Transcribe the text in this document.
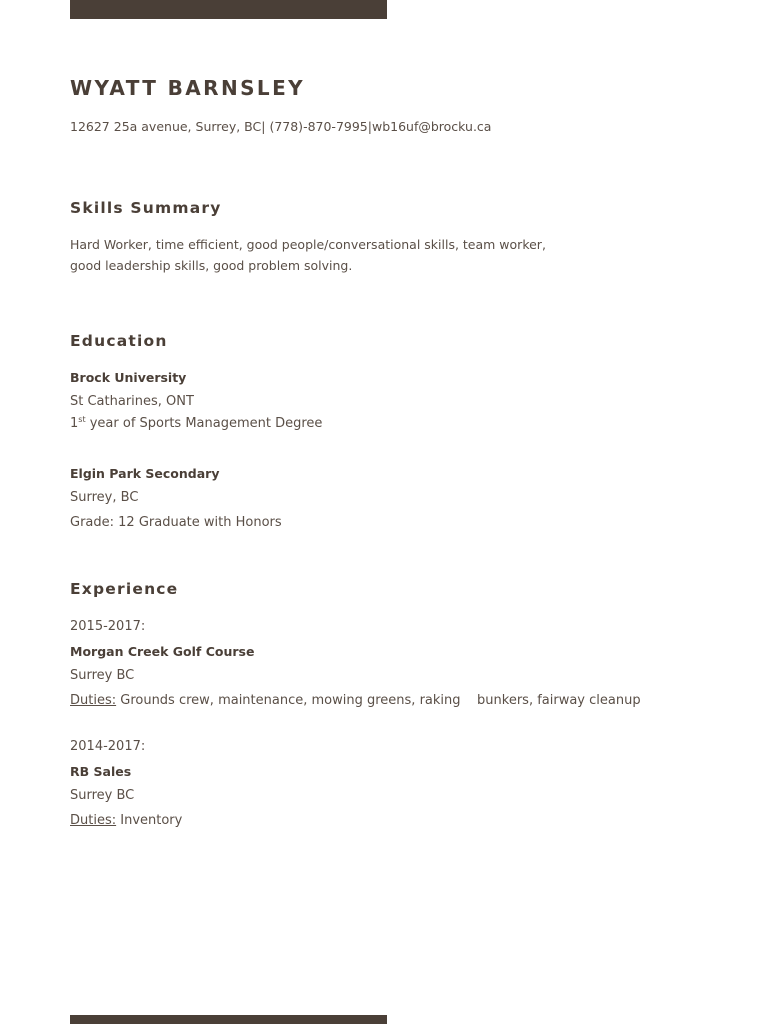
WYATT BARNSLEY
12627 25a avenue, Surrey, BC| (778)-870-7995|wb16uf@brocku.ca
Skills Summary
Hard Worker, time efficient, good people/conversational skills, team worker,
good leadership skills, good problem solving.
Education
Brock University
St Catharines, ONT
1st year of Sports Management Degree
Elgin Park Secondary
Surrey, BC
Grade: 12 Graduate with Honors
Experience
2015-2017:
Morgan Creek Golf Course
Surrey BC
Duties: Grounds crew, maintenance, mowing greens, raking    bunkers, fairway cleanup
2014-2017:
RB Sales
Surrey BC
Duties: Inventory
